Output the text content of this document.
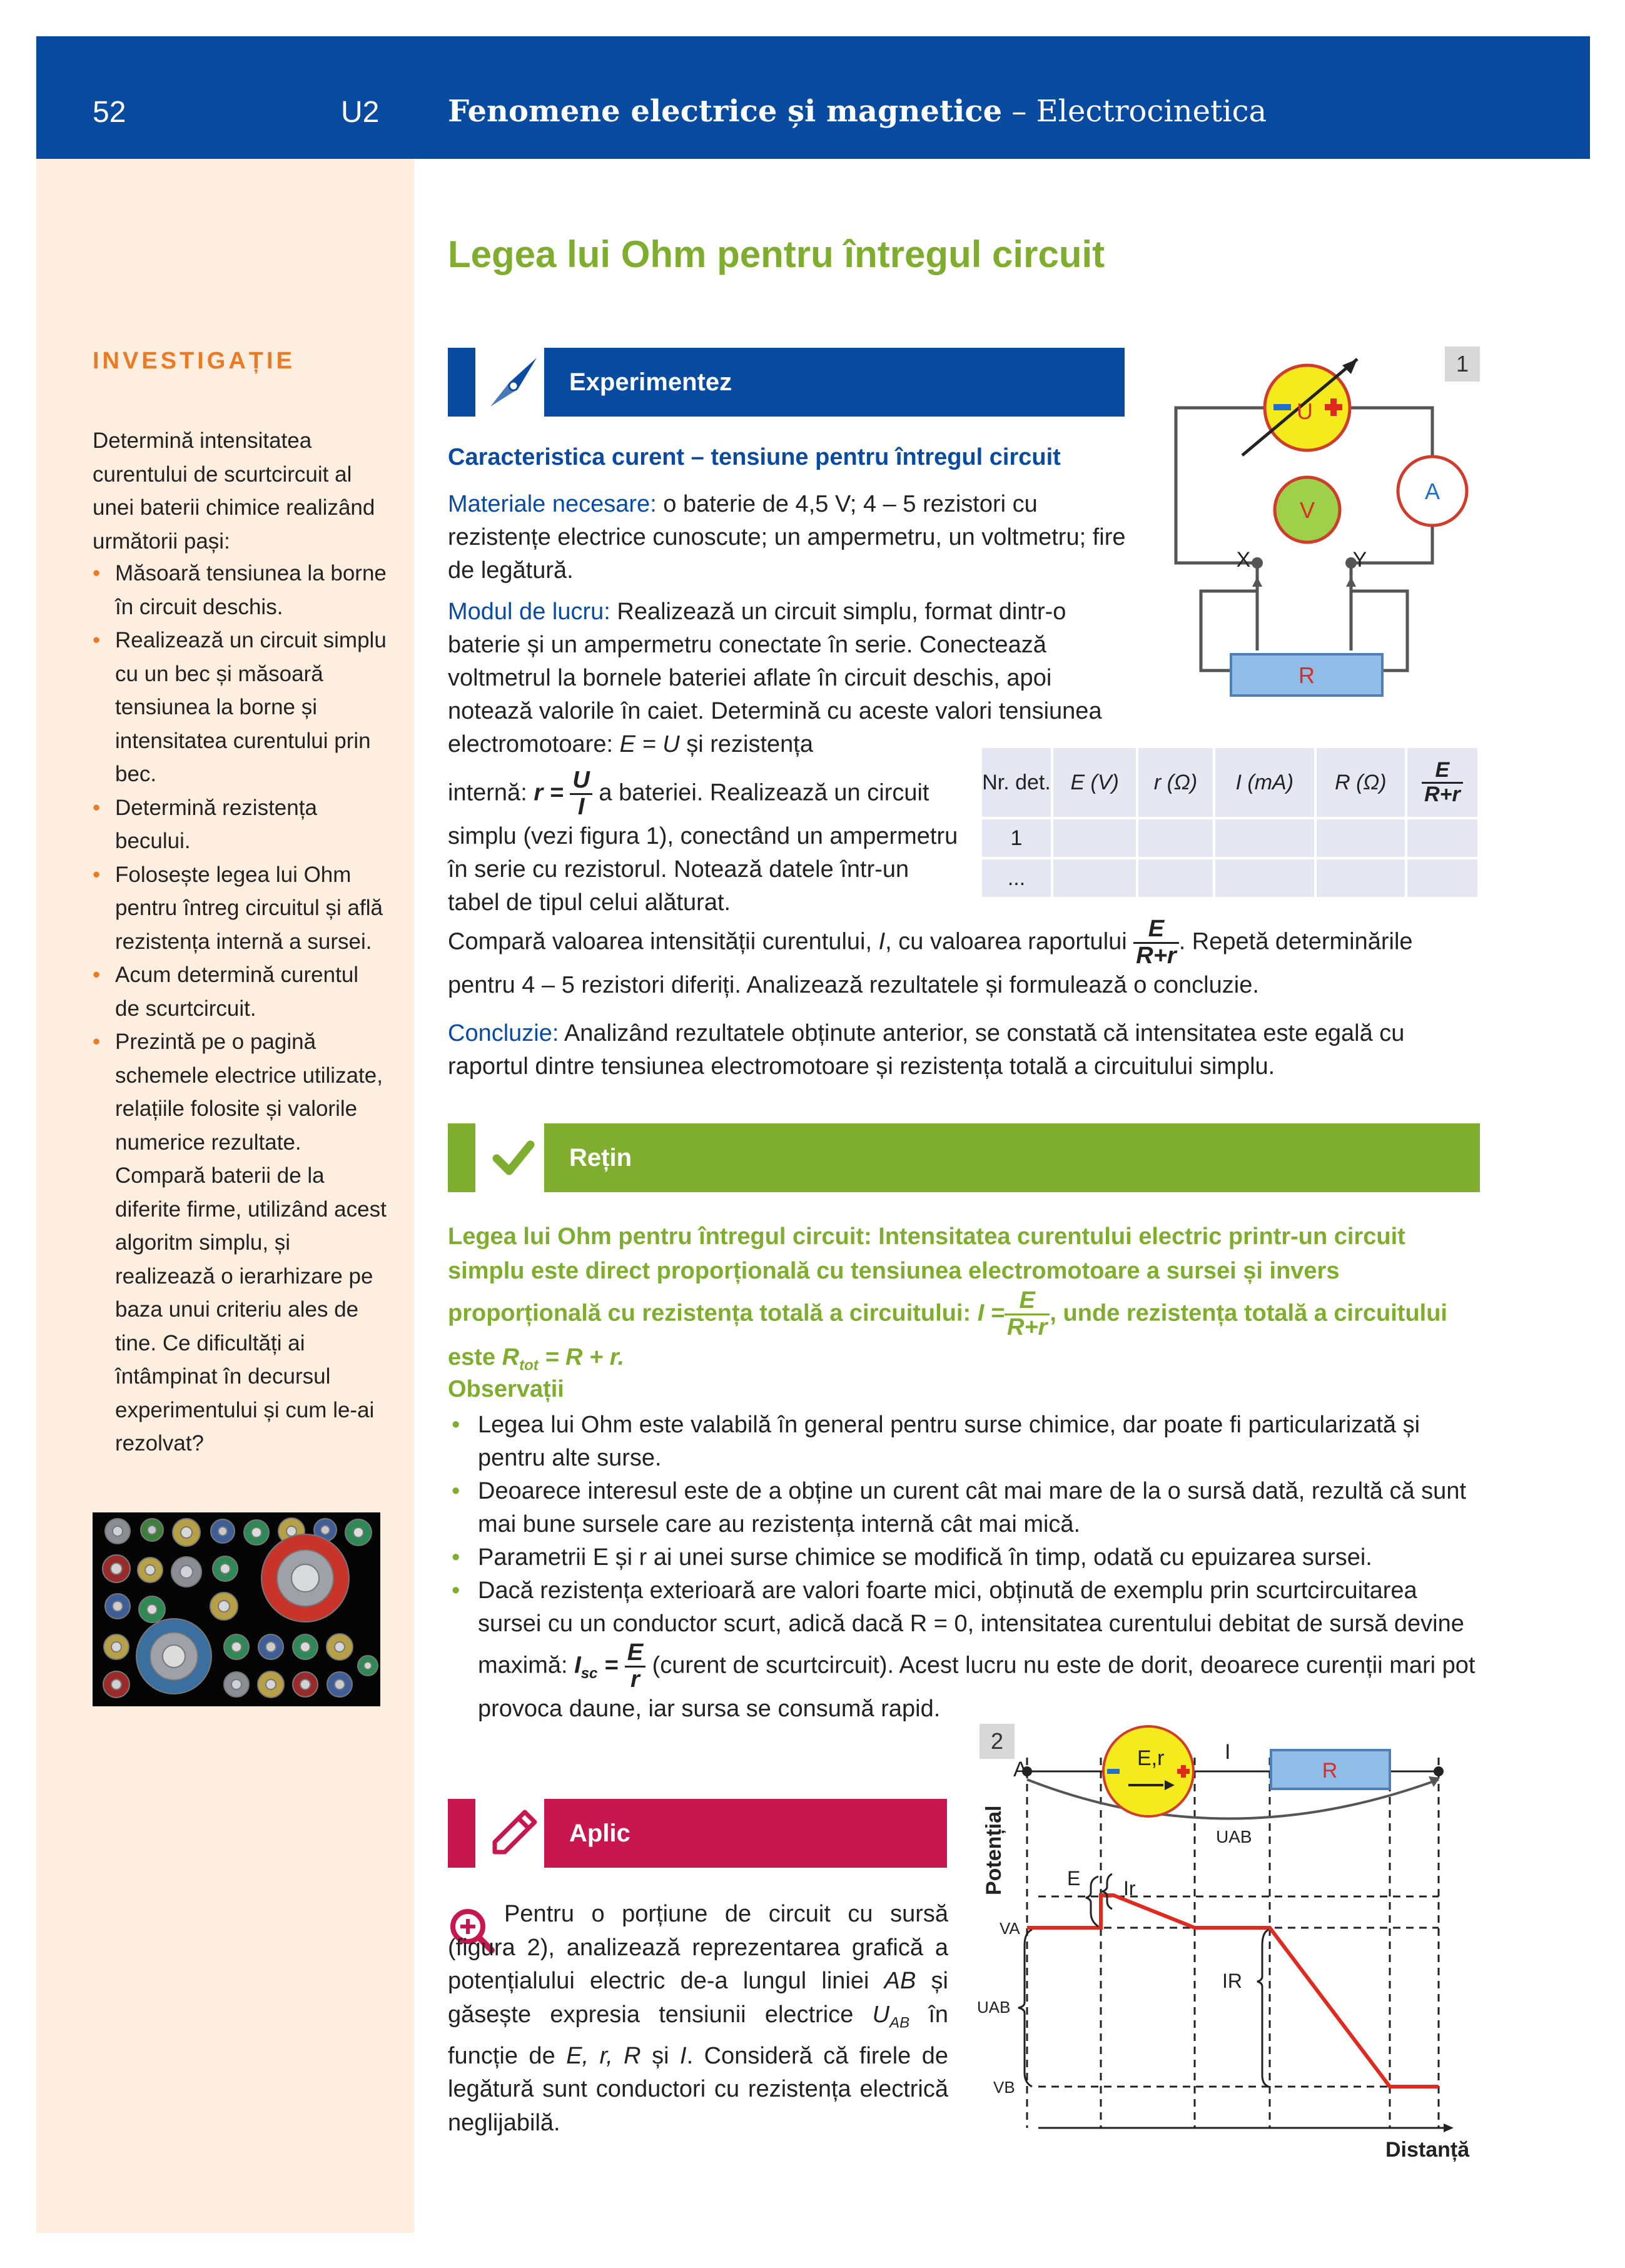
52	U2 Fenomene electrice și magnetice – Electrocinetica
INVESTIGAȚIE
Determină intensitatea curentului de scurtcircuit al unei baterii chimice realizând următorii pași:
• Măsoară tensiunea la borne în circuit deschis.
• Realizează un circuit simplu cu un bec și măsoară tensiunea la borne și intensitatea curentului prin bec.
• Determină rezistența becului.
• Folosește legea lui Ohm pentru întreg circuitul și află rezistența internă a sursei.
• Acum determină curentul de scurtcircuit.
• Prezintă pe o pagină schemele electrice utilizate, relațiile folosite și valorile numerice rezultate. Compară baterii de la diferite firme, utilizând acest algoritm simplu, și realizează o ierarhizare pe baza unui criteriu ales de tine. Ce dificultăți ai întâmpinat în decursul experimentului și cum le-ai rezolvat?
Legea lui Ohm pentru întregul circuit
Experimentez
Caracteristica curent – tensiune pentru întregul circuit
Materiale necesare: o baterie de 4,5 V; 4 – 5 rezistori cu rezistențe electrice cunoscute; un ampermetru, un voltmetru; fire de legătură.
Modul de lucru: Realizează un circuit simplu, format dintr-o baterie și un ampermetru conectate în serie. Conectează voltmetrul la bornele bateriei aflate în circuit deschis, apoi notează valorile în caiet. Determină cu aceste valori tensiunea electromotoare: E = U și rezistența
internă: $r = \frac{U}{I}$ a bateriei. Realizează un circuit simplu (vezi figura 1), conectând un ampermetru în serie cu rezistorul. Notează datele într-un tabel de tipul celui alăturat.
Nr. det.	E (V)	r (Ω)	I (mA)	R (Ω)	$\frac{E}{R+r}$

1					
...					
Compară valoarea intensității curentului, I, cu valoarea raportului $\frac{E}{R+r}$ . Repetă determinările pentru 4 – 5 rezistori diferiți. Analizează rezultatele și formulează o concluzie.
Concluzie: Analizând rezultatele obținute anterior, se constată că intensitatea este egală cu raportul dintre tensiunea electromotoare și rezistența totală a circuitului simplu.
1
U
V
A
X	Y
R
Rețin
Legea lui Ohm pentru întregul circuit: Intensitatea curentului electric printr-un circuit simplu este direct proporțională cu tensiunea electromotoare a sursei și invers proporțională cu rezistența totală a circuitului: $I = \frac{E}{R+r}$ , unde rezistența totală a circuitului este $R_{tot} = R + r$.
Observații
• Legea lui Ohm este valabilă în general pentru surse chimice, dar poate fi particularizată și pentru alte surse.
• Deoarece interesul este de a obține un curent cât mai mare de la o sursă dată, rezultă că sunt mai bune sursele care au rezistența internă cât mai mică.
• Parametrii E și r ai unei surse chimice se modifică în timp, odată cu epuizarea sursei.
• Dacă rezistența exterioară are valori foarte mici, obținută de exemplu prin scurtcircuitarea sursei cu un conductor scurt, adică dacă R = 0, intensitatea curentului debitat de sursă devine maximă: $I_{sc} = \frac{E}{r}$ (curent de scurtcircuit). Acest lucru nu este de dorit, deoarece curenții mari pot provoca daune, iar sursa se consumă rapid.
Aplic
Pentru o porțiune de circuit cu sursă (figura 2), analizează reprezentarea grafică a potențialului electric de-a lungul liniei AB și găsește expresia tensiunii electrice $U_{AB}$ în funcție de E, r, R și I. Consideră că firele de legătură sunt conductori cu rezistența electrică neglijabilă.
2
A	E,r	I
R
UAB
Potențial
Distanță
E Ir
VA
UAB
IR
VB
